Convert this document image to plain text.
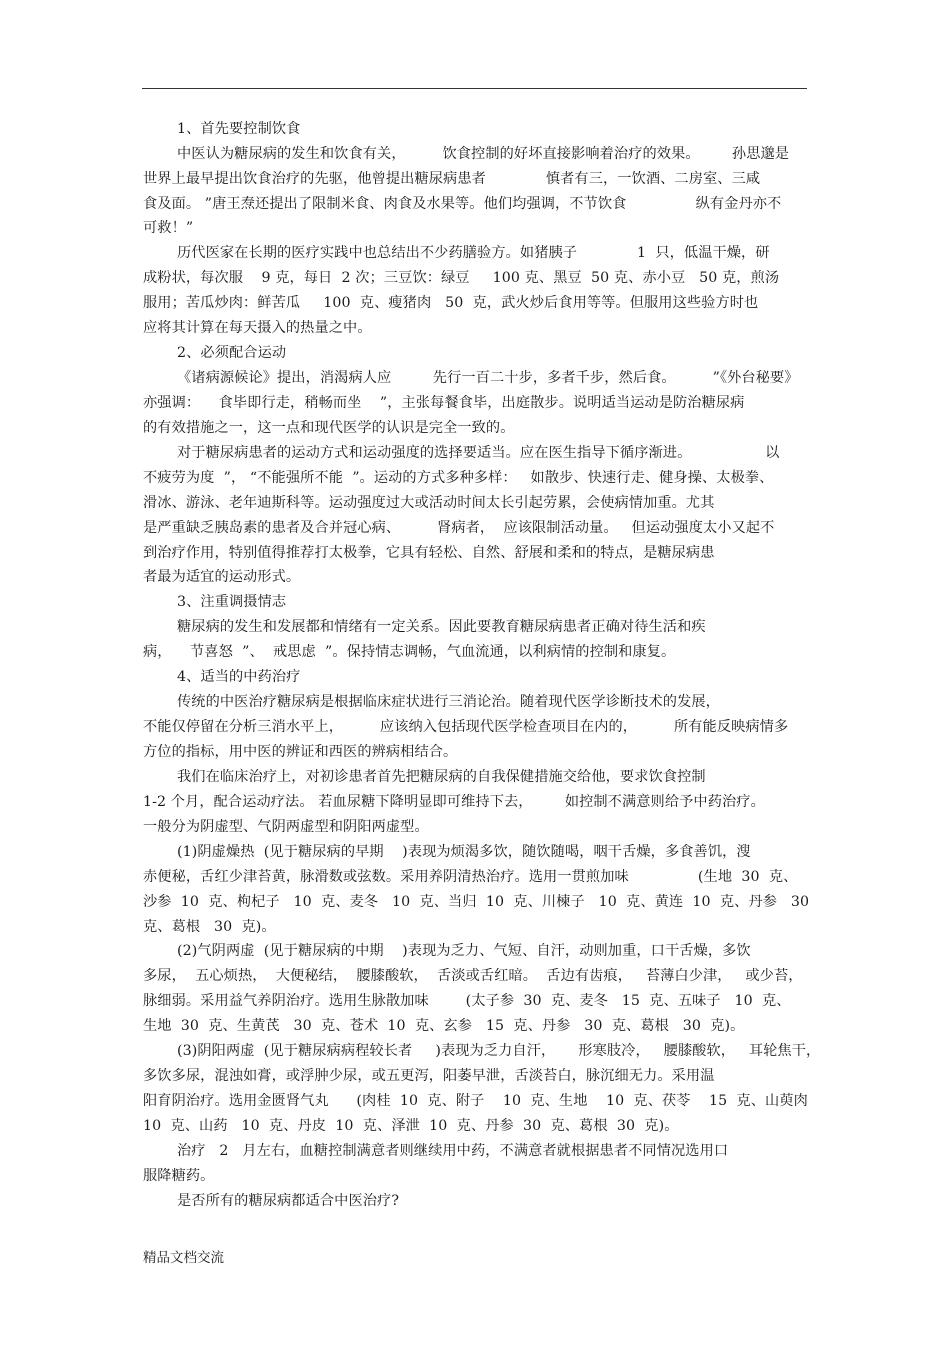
1、首先要控制饮食
中医认为糖尿病的发生和饮食有关，        饮食控制的好坏直接影响着治疗的效果。       孙思邈是
世界上最早提出饮食治疗的先驱，他曾提出糖尿病患者             慎者有三，一饮酒、二房室、三咸
食及面。 ”唐王焘还提出了限制米食、肉食及水果等。他们均强调，不节饮食               纵有金丹亦不
可救！”
历代医家在长期的医疗实践中也总结出不少药膳验方。如猪胰子             1  只，低温干燥，研
成粉状，每次服    9 克，每日  2 次；三豆饮：绿豆     100 克、黑豆  50 克、赤小豆   50 克，煎汤
服用；苦瓜炒肉：鲜苦瓜     100  克、瘦猪肉   50  克，武火炒后食用等等。但服用这些验方时也
应将其计算在每天摄入的热量之中。
2、必须配合运动
《诸病源候论》提出，消渴病人应         先行一百二十步，多者千步，然后食。        ”《外台秘要》
亦强调：    食毕即行走，稍畅而坐    ”，主张每餐食毕，出庭散步。说明适当运动是防治糖尿病
的有效措施之一，这一点和现代医学的认识是完全一致的。
对于糖尿病患者的运动方式和运动强度的选择要适当。应在医生指导下循序渐进。                以
不疲劳为度  ”， “不能强所不能  ”。运动的方式多种多样：   如散步、快速行走、健身操、太极拳、
滑冰、游泳、老年迪斯科等。运动强度过大或活动时间太长引起劳累，会使病情加重。尤其
是严重缺乏胰岛素的患者及合并冠心病、        肾病者，  应该限制活动量。   但运动强度太小又起不
到治疗作用，特别值得推荐打太极拳，它具有轻松、自然、舒展和柔和的特点，是糖尿病患
者最为适宜的运动形式。
3、注重调摄情志
糖尿病的发生和发展都和情绪有一定关系。因此要教育糖尿病患者正确对待生活和疾
病，    节喜怒  ”、  戒思虑  ”。保持情志调畅，气血流通，以利病情的控制和康复。
4、适当的中药治疗
传统的中医治疗糖尿病是根据临床症状进行三消论治。随着现代医学诊断技术的发展，
不能仅停留在分析三消水平上，        应该纳入包括现代医学检查项目在内的，        所有能反映病情多
方位的指标，用中医的辨证和西医的辨病相结合。
我们在临床治疗上，对初诊患者首先把糖尿病的自我保健措施交给他，要求饮食控制
1-2 个月，配合运动疗法。 若血尿糖下降明显即可维持下去，       如控制不满意则给予中药治疗。
一般分为阴虚型、气阴两虚型和阴阳两虚型。
(1)阴虚燥热  (见于糖尿病的早期    )表现为烦渴多饮，随饮随喝，咽干舌燥，多食善饥，溲
赤便秘，舌红少津苔黄，脉滑数或弦数。采用养阴清热治疗。选用一贯煎加味               (生地  30  克、
沙参  10  克、枸杞子   10  克、麦冬   10  克、当归  10  克、川楝子   10  克、黄连  10  克、丹参   30
克、葛根   30  克)。
(2)气阴两虚  (见于糖尿病的中期    )表现为乏力、气短、自汗，动则加重，口干舌燥，多饮
多尿，  五心烦热，  大便秘结，  腰膝酸软，  舌淡或舌红暗。  舌边有齿痕，   苔薄白少津，   或少苔，
脉细弱。采用益气养阴治疗。选用生脉散加味        (太子参  30  克、麦冬   15  克、五味子   10  克、
生地  30  克、生黄芪   30  克、苍术  10  克、玄参   15  克、丹参   30  克、葛根   30  克)。
(3)阴阳两虚  (见于糖尿病病程较长者     )表现为乏力自汗，     形寒肢冷，   腰膝酸软，   耳轮焦干，
多饮多尿，混浊如膏，或浮肿少尿，或五更泻，阳萎早泄，舌淡苔白，脉沉细无力。采用温
阳育阴治疗。选用金匮肾气丸      (肉桂  10  克、附子    10  克、生地    10  克、茯苓    15  克、山萸肉
10  克、山药   10  克、丹皮  10  克、泽泄  10  克、丹参  30  克、葛根  30  克)。
治疗   2   月左右，血糖控制满意者则继续用中药，不满意者就根据患者不同情况选用口
服降糖药。
是否所有的糖尿病都适合中医治疗?
精品文档交流
